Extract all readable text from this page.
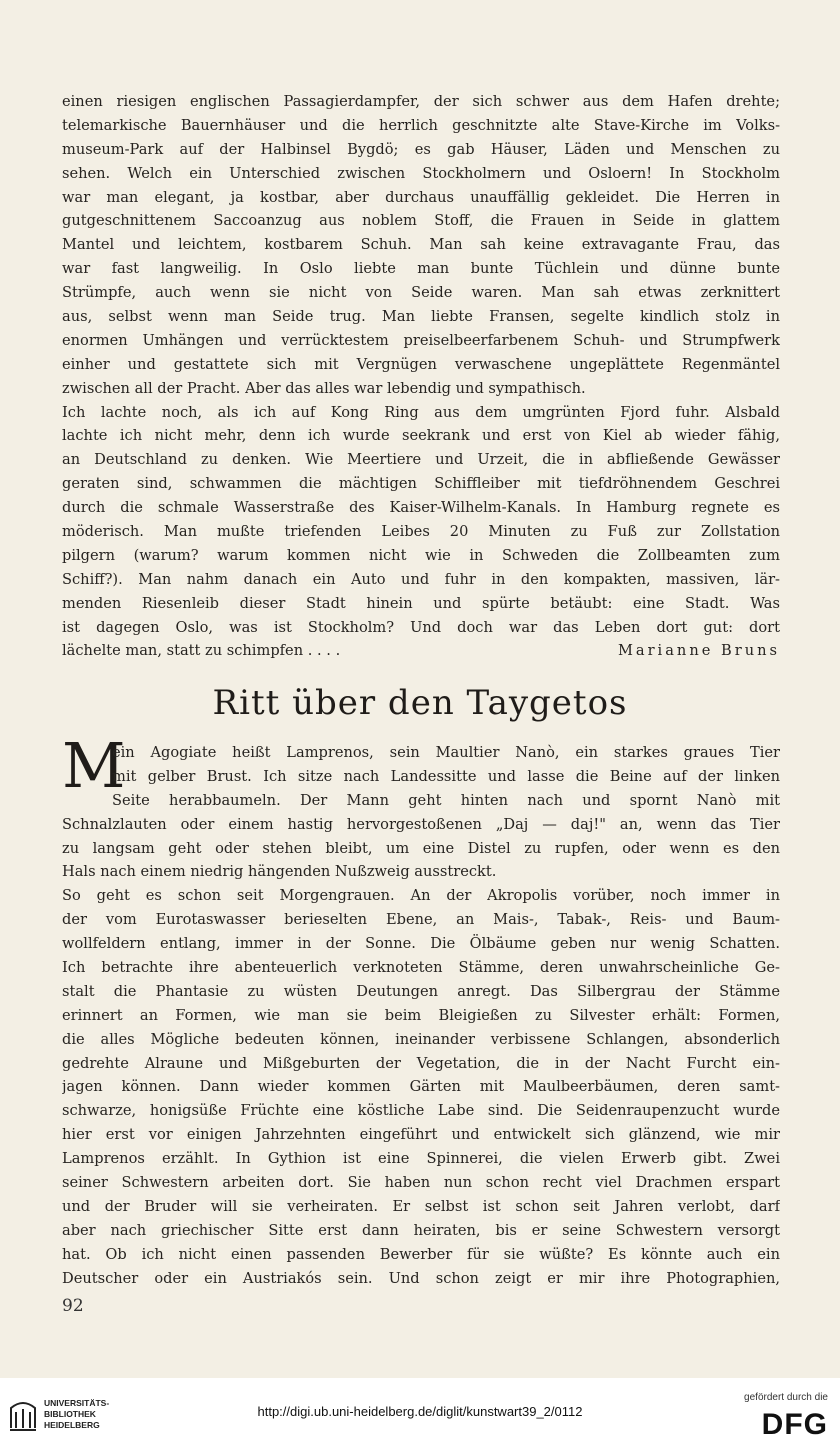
einen riesigen englischen Passagierdampfer, der sich schwer aus dem Hafen drehte;
telemarkische Bauernhäuser und die herrlich geschnitzte alte Stave-Kirche im Volks-
museum-Park auf der Halbinsel Bygdö; es gab Häuser, Läden und Menschen zu
sehen. Welch ein Unterschied zwischen Stockholmern und Osloern! In Stockholm
war man elegant, ja kostbar, aber durchaus unauffällig gekleidet. Die Herren in
gutgeschnittenem Saccoanzug aus noblem Stoff, die Frauen in Seide in glattem
Mantel und leichtem, kostbarem Schuh. Man sah keine extravagante Frau, das
war fast langweilig. In Oslo liebte man bunte Tüchlein und dünne bunte
Strümpfe, auch wenn sie nicht von Seide waren. Man sah etwas zerknittert
aus, selbst wenn man Seide trug. Man liebte Fransen, segelte kindlich stolz in
enormen Umhängen und verrücktestem preiselbeerfarbenem Schuh- und Strumpfwerk
einher und gestattete sich mit Vergnügen verwaschene ungeplättete Regenmäntel
zwischen all der Pracht. Aber das alles war lebendig und sympathisch.
Ich lachte noch, als ich auf Kong Ring aus dem umgrünten Fjord fuhr. Alsbald
lachte ich nicht mehr, denn ich wurde seekrank und erst von Kiel ab wieder fähig,
an Deutschland zu denken. Wie Meertiere und Urzeit, die in abfließende Gewässer
geraten sind, schwammen die mächtigen Schiffleiber mit tiefdröhnendem Geschrei
durch die schmale Wasserstraße des Kaiser-Wilhelm-Kanals. In Hamburg regnete es
möderisch. Man mußte triefenden Leibes 20 Minuten zu Fuß zur Zollstation
pilgern (warum? warum kommen nicht wie in Schweden die Zollbeamten zum
Schiff?). Man nahm danach ein Auto und fuhr in den kompakten, massiven, lär-
menden Riesenleib dieser Stadt hinein und spürte betäubt: eine Stadt. Was
ist dagegen Oslo, was ist Stockholm? Und doch war das Leben dort gut: dort
lächelte man, statt zu schimpfen . . . .	Marianne Bruns
Ritt über den Taygetos
M
ein Agogiate heißt Lamprenos, sein Maultier Nanò, ein starkes graues Tier
mit gelber Brust. Ich sitze nach Landessitte und lasse die Beine auf der linken
Seite herabbaumeln. Der Mann geht hinten nach und spornt Nanò mit
Schnalzlauten oder einem hastig hervorgestoßenen „Daj — daj!" an, wenn das Tier
zu langsam geht oder stehen bleibt, um eine Distel zu rupfen, oder wenn es den
Hals nach einem niedrig hängenden Nußzweig ausstreckt.
So geht es schon seit Morgengrauen. An der Akropolis vorüber, noch immer in
der vom Eurotaswasser berieselten Ebene, an Mais-, Tabak-, Reis- und Baum-
wollfeldern entlang, immer in der Sonne. Die Ölbäume geben nur wenig Schatten.
Ich betrachte ihre abenteuerlich verknoteten Stämme, deren unwahrscheinliche Ge-
stalt die Phantasie zu wüsten Deutungen anregt. Das Silbergrau der Stämme
erinnert an Formen, wie man sie beim Bleigießen zu Silvester erhält: Formen,
die alles Mögliche bedeuten können, ineinander verbissene Schlangen, absonderlich
gedrehte Alraune und Mißgeburten der Vegetation, die in der Nacht Furcht ein-
jagen können. Dann wieder kommen Gärten mit Maulbeerbäumen, deren samt-
schwarze, honigsüße Früchte eine köstliche Labe sind. Die Seidenraupenzucht wurde
hier erst vor einigen Jahrzehnten eingeführt und entwickelt sich glänzend, wie mir
Lamprenos erzählt. In Gythion ist eine Spinnerei, die vielen Erwerb gibt. Zwei
seiner Schwestern arbeiten dort. Sie haben nun schon recht viel Drachmen erspart
und der Bruder will sie verheiraten. Er selbst ist schon seit Jahren verlobt, darf
aber nach griechischer Sitte erst dann heiraten, bis er seine Schwestern versorgt
hat. Ob ich nicht einen passenden Bewerber für sie wüßte? Es könnte auch ein
Deutscher oder ein Austriakós sein. Und schon zeigt er mir ihre Photographien,
92
UNIVERSITÄTS-
BIBLIOTHEK
HEIDELBERG
http://digi.ub.uni-heidelberg.de/diglit/kunstwart39_2/0112
gefördert durch die
DFG
